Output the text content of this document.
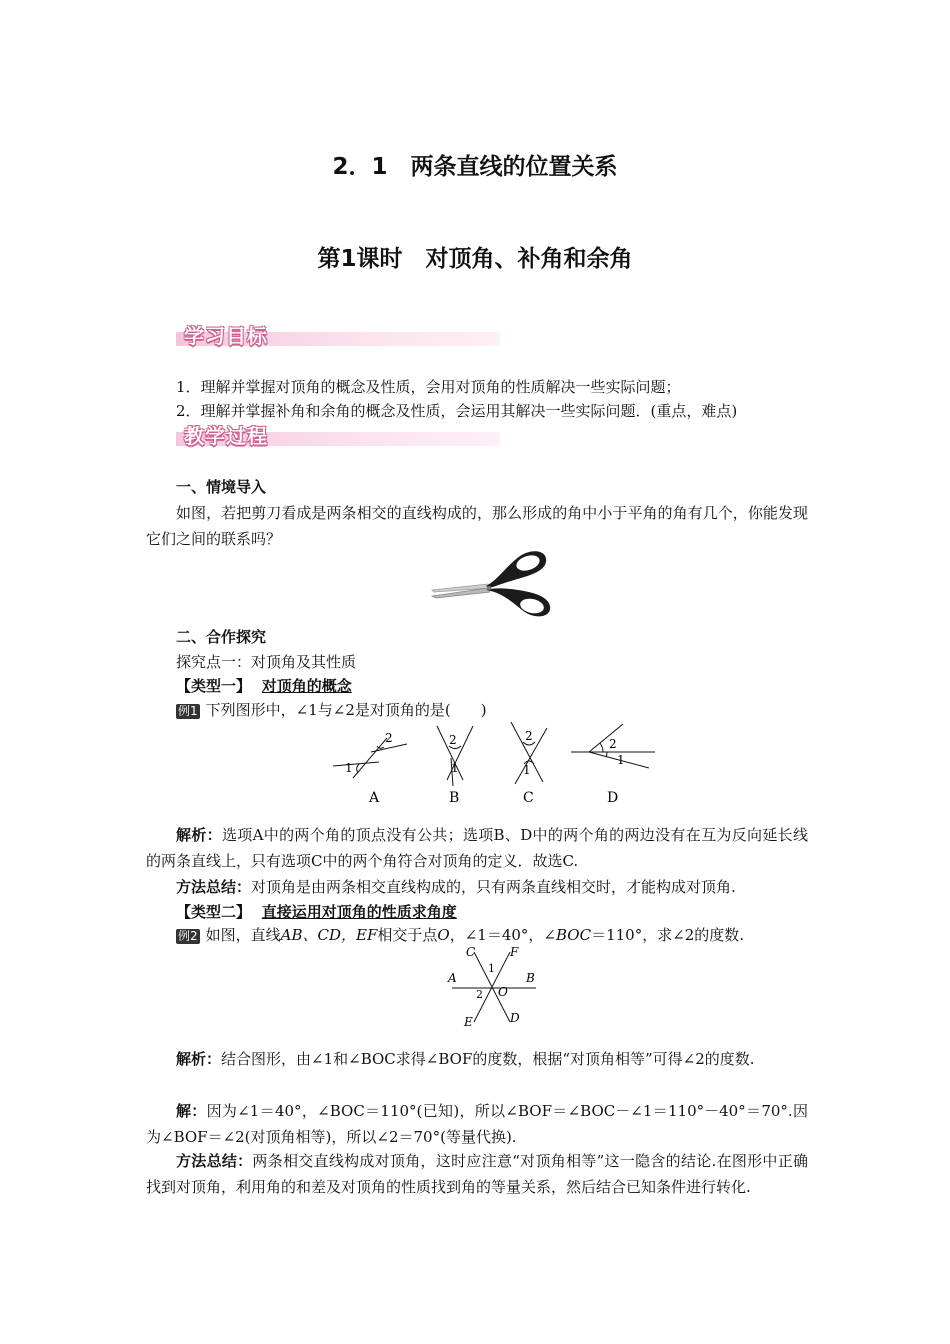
2．1　两条直线的位置关系
第1课时　对顶角、补角和余角
学习目标
1．理解并掌握对顶角的概念及性质，会用对顶角的性质解决一些实际问题；
2．理解并掌握补角和余角的概念及性质，会运用其解决一些实际问题．(重点，难点)
教学过程
一、情境导入
如图，若把剪刀看成是两条相交的直线构成的，那么形成的角中小于平角的角有几个，你能发现它们之间的联系吗？
二、合作探究
探究点一：对顶角及其性质
【类型一】 对顶角的概念
例1 下列图形中，∠1与∠2是对顶角的是(　　)
1
2	2
1
2
1
2
1
A	B	C	D
解析：选项A中的两个角的顶点没有公共；选项B、D中的两个角的两边没有在互为反向延长线的两条直线上，只有选项C中的两个角符合对顶角的定义．故选C.
方法总结：对顶角是由两条相交直线构成的，只有两条直线相交时，才能构成对顶角.
【类型二】 直接运用对顶角的性质求角度
例2 如图，直线AB、CD，EF相交于点O，∠1＝40°，∠BOC＝110°，求∠2的度数.
C	F
A	B
O
E	D
1
2
解析：结合图形，由∠1和∠BOC求得∠BOF的度数，根据“对顶角相等”可得∠2的度数.
解：因为∠1＝40°，∠BOC＝110°(已知)，所以∠BOF＝∠BOC－∠1＝110°－40°＝70°.因为∠BOF＝∠2(对顶角相等)，所以∠2＝70°(等量代换).
方法总结：两条相交直线构成对顶角，这时应注意“对顶角相等”这一隐含的结论.在图形中正确找到对顶角，利用角的和差及对顶角的性质找到角的等量关系，然后结合已知条件进行转化.
